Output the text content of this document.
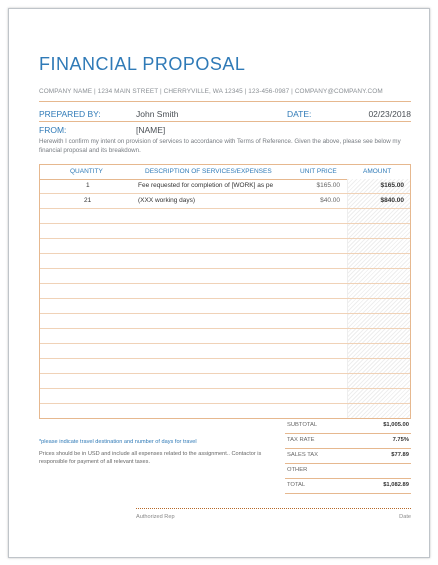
FINANCIAL PROPOSAL
COMPANY NAME | 1234 MAIN STREET | CHERRYVILLE, WA 12345 | 123-456-0987 | COMPANY@COMPANY.COM
PREPARED BY:	John Smith	DATE:	02/23/2018
FROM:	[NAME]
Herewith I confirm my intent on provision of services to accordance with Terms of Reference. Given the above, please see below my financial proposal and its breakdown.
QUANTITY	DESCRIPTION OF SERVICES/EXPENSES	UNIT PRICE	AMOUNT
1	Fee requested for completion of [WORK] as pe	$165.00	$165.00
21	(XXX working days)	$40.00	$840.00
*please indicate travel destination and number of days for travel
Prices should be in USD and include all expenses related to the assignment.. Contactor is responsible for payment of all relevant taxes.
SUBTOTAL	$1,005.00
TAX RATE	7.75%
SALES TAX	$77.89
OTHER
TOTAL	$1,082.89
Authorized Rep	Date
